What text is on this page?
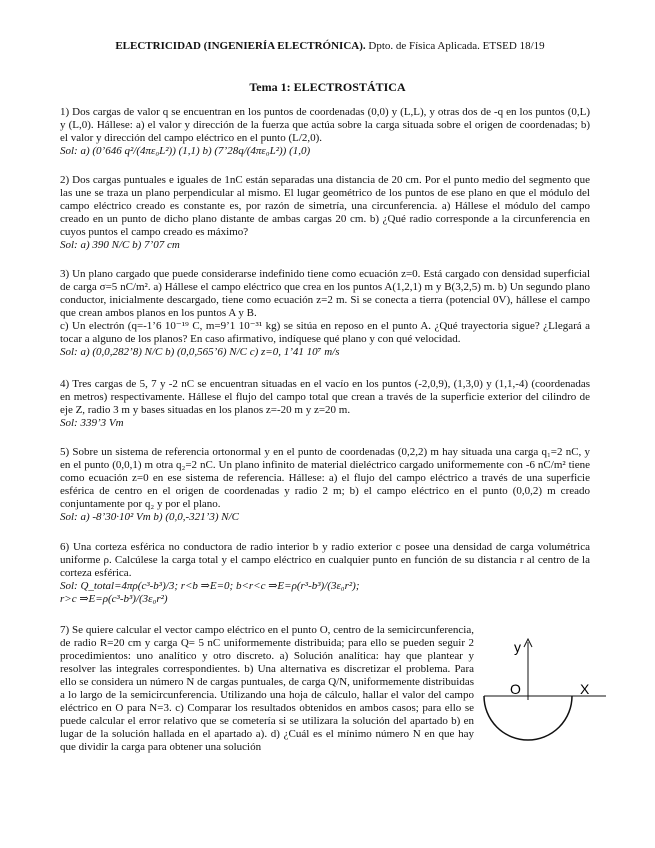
ELECTRICIDAD (INGENIERÍA ELECTRÓNICA). Dpto. de Física Aplicada. ETSED 18/19
Tema 1: ELECTROSTÁTICA

1) Dos cargas de valor q se encuentran en los puntos de coordenadas (0,0) y (L,L), y otras dos de -q en los puntos (0,L) y (L,0). Hállese: a) el valor y dirección de la fuerza que actúa sobre la carga situada sobre el origen de coordenadas; b) el valor y dirección del campo eléctrico en el punto (L/2,0).

Sol: a) (0’646 q²/(4πε₀L²)) (1,1) b) (7’28q/(4πε₀L²)) (1,0)

2) Dos cargas puntuales e iguales de 1nC están separadas una distancia de 20 cm. Por el punto medio del segmento que las une se traza un plano perpendicular al mismo. El lugar geométrico de los puntos de ese plano en que el módulo del campo eléctrico creado es constante es, por razón de simetría, una circunferencia. a) Hállese el módulo del campo creado en un punto de dicho plano distante de ambas cargas 20 cm. b) ¿Qué radio corresponde a la circunferencia en cuyos puntos el campo creado es máximo?

Sol: a) 390 N/C b) 7’07 cm

3) Un plano cargado que puede considerarse indefinido tiene como ecuación z=0. Está cargado con densidad superficial de carga σ=5 nC/m². a) Hállese el campo eléctrico que crea en los puntos A(1,2,1) m y B(3,2,5) m. b) Un segundo plano conductor, inicialmente descargado, tiene como ecuación z=2 m. Si se conecta a tierra (potencial 0V), hállese el campo que crean ambos planos en los puntos A y B.

c) Un electrón (q=-1’6 10⁻¹⁹ C, m=9’1 10⁻³¹ kg) se sitúa en reposo en el punto A. ¿Qué trayectoria sigue? ¿Llegará a tocar a alguno de los planos? En caso afirmativo, indíquese qué plano y con qué velocidad.

Sol: a) (0,0,282’8) N/C b) (0,0,565’6) N/C c) z=0, 1’41 10⁷ m/s

4) Tres cargas de 5, 7 y -2 nC se encuentran situadas en el vacío en los puntos (-2,0,9), (1,3,0) y (1,1,-4) (coordenadas en metros) respectivamente. Hállese el flujo del campo total que crean a través de la superficie exterior del cilindro de eje Z, radio 3 m y bases situadas en los planos z=-20 m y z=20 m.

Sol: 339’3 Vm

5) Sobre un sistema de referencia ortonormal y en el punto de coordenadas (0,2,2) m hay situada una carga q₁=2 nC, y en el punto (0,0,1) m otra q₂=2 nC. Un plano infinito de material dieléctrico cargado uniformemente con -6 nC/m² tiene como ecuación z=0 en ese sistema de referencia. Hállese: a) el flujo del campo eléctrico a través de una superficie esférica de centro en el origen de coordenadas y radio 2 m; b) el campo eléctrico en el punto (0,0,2) m creado conjuntamente por q₂ y por el plano.

Sol: a) -8’30·10² Vm b) (0,0,-321’3) N/C

6) Una corteza esférica no conductora de radio interior b y radio exterior c posee una densidad de carga volumétrica uniforme ρ. Calcúlese la carga total y el campo eléctrico en cualquier punto en función de su distancia r al centro de la corteza esférica.

Sol: Q_total=4πρ(c³-b³)/3; r<b ⇒E=0; b<r<c ⇒E=ρ(r³-b³)/(3ε₀r²);

r>c ⇒E=ρ(c³-b³)/(3ε₀r²)

7) Se quiere calcular el vector campo eléctrico en el punto O, centro de la semicircunferencia, de radio R=20 cm y carga Q= 5 nC uniformemente distribuida; para ello se pueden seguir 2 procedimientos: uno analítico y otro discreto. a) Solución analítica: hay que plantear y resolver las integrales correspondientes. b) Una alternativa es discretizar el problema. Para ello se considera un número N de cargas puntuales, de carga Q/N, uniformemente distribuidas a lo largo de la semicircunferencia. Utilizando una hoja de cálculo, hallar el valor del campo eléctrico en O para N=3. c) Comparar los resultados obtenidos en ambos casos; para ello se puede calcular el error relativo que se cometería si se utilizara la solución del apartado b) en lugar de la solución hallada en el apartado a). d) ¿Cuál es el mínimo número N en que hay que dividir la carga para obtener una solución

y
O	X
